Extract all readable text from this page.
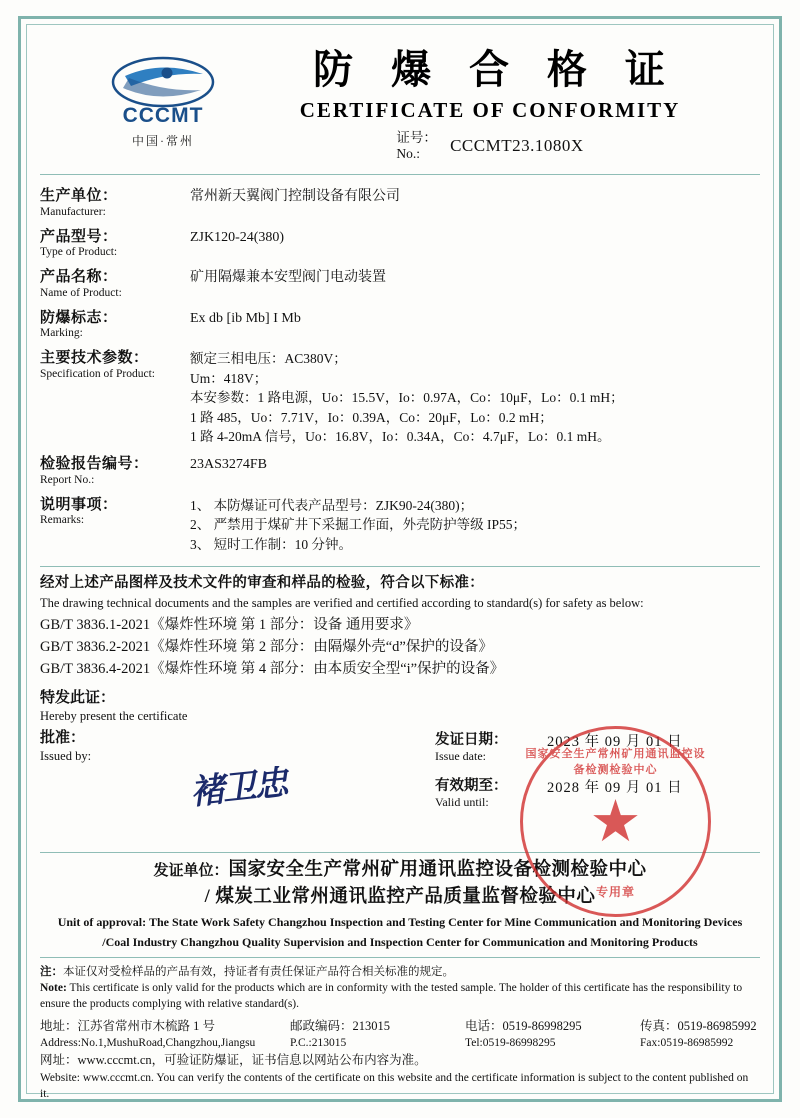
CCCMT
中国·常州
防 爆 合 格 证
CERTIFICATE OF CONFORMITY
证号：
No.: CCCMT23.1080X
生产单位：
Manufacturer:	常州新天翼阀门控制设备有限公司

产品型号：
Type of Product:	ZJK120-24(380)

产品名称：
Name of Product:	矿用隔爆兼本安型阀门电动装置

防爆标志：
Marking:	Ex db [ib Mb] I Mb

主要技术参数：
Specification of Product:	额定三相电压：AC380V；
Um：418V；
本安参数：1 路电源，Uo：15.5V，Io：0.97A，Co：10μF，Lo：0.1 mH；
1 路 485，Uo：7.71V，Io：0.39A，Co：20μF，Lo：0.2 mH；
1 路 4-20mA 信号，Uo：16.8V，Io：0.34A，Co：4.7μF，Lo：0.1 mH。

检验报告编号：
Report No.:	23AS3274FB

说明事项：
Remarks:	1、 本防爆证可代表产品型号：ZJK90-24(380)；
2、 严禁用于煤矿井下采掘工作面，外壳防护等级 IP55；
3、 短时工作制：10 分钟。
经对上述产品图样及技术文件的审查和样品的检验，符合以下标准：
The drawing technical documents and the samples are verified and certified according to standard(s) for safety as below:
GB/T 3836.1-2021《爆炸性环境 第 1 部分：设备 通用要求》
GB/T 3836.2-2021《爆炸性环境 第 2 部分：由隔爆外壳“d”保护的设备》
GB/T 3836.4-2021《爆炸性环境 第 4 部分：由本质安全型“i”保护的设备》
特发此证：
Hereby present the certificate
批准：
Issued by:
褚卫忠
发证日期：
Issue date:
2023 年 09 月 01 日
有效期至：
Valid until:
2028 年 09 月 01 日
国家安全生产常州矿用通讯监控设备检测检验中心
★
专用章
发证单位：国家安全生产常州矿用通讯监控设备检测检验中心
/ 煤炭工业常州通讯监控产品质量监督检验中心
Unit of approval: The State Work Safety Changzhou Inspection and Testing Center for Mine Communication and Monitoring Devices
/Coal Industry Changzhou Quality Supervision and Inspection Center for Communication and Monitoring Products
注：本证仅对受检样品的产品有效，持证者有责任保证产品符合相关标准的规定。
Note: This certificate is only valid for the products which are in conformity with the tested sample. The holder of this certificate has the responsibility to ensure the products complying with relative standard(s).
地址：江苏省常州市木梳路 1 号	邮政编码：213015	电话：0519-86998295	传真：0519-86985992
Address:No.1,MushuRoad,Changzhou,Jiangsu	P.C.:213015	Tel:0519-86998295	Fax:0519-86985992
网址：www.cccmt.cn，可验证防爆证，证书信息以网站公布内容为准。
Website: www.cccmt.cn. You can verify the contents of the certificate on this website and the certificate information is subject to the content published on it.
